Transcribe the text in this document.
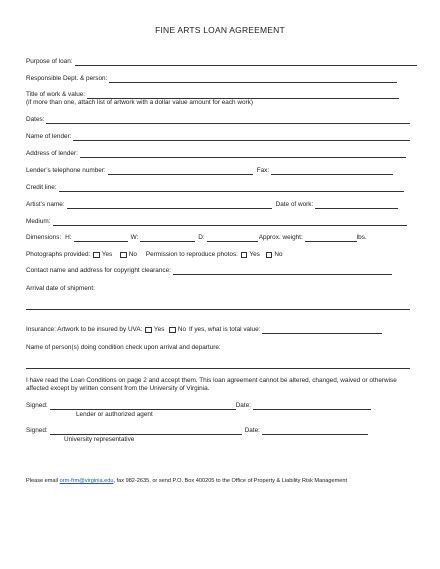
FINE ARTS LOAN AGREEMENT
Purpose of loan:
Responsible Dept. & person:
Title of work & value:
(if more than one, attach list of artwork with a dollar value amount for each work)
Dates:
Name of lender:
Address of lender:
Lender’s telephone number:	Fax:
Credit line:
Artist’s name:	Date of work:
Medium:
Dimensions: H:	W:	D:	Approx. weight:	lbs.
Photographs provided: Yes	No Permission to reproduce photos: Yes No
Contact name and address for copyright clearance:
Arrival date of shipment:
Insurance: Artwork to be insured by UVA: Yes No If yes, what is total value:
Name of person(s) doing condition check upon arrival and departure:
I have read the Loan Conditions on page 2 and accept them. This loan agreement cannot be altered, changed, waived or otherwise affected except by written consent from the University of Virginia.
Signed:	Date:
Lender or authorized agent
Signed:	Date:
University representative
Please email orm-frm@virginia.edu, fax 982-2635, or send P.O. Box 400205 to the Office of Property & Liability Risk Management
